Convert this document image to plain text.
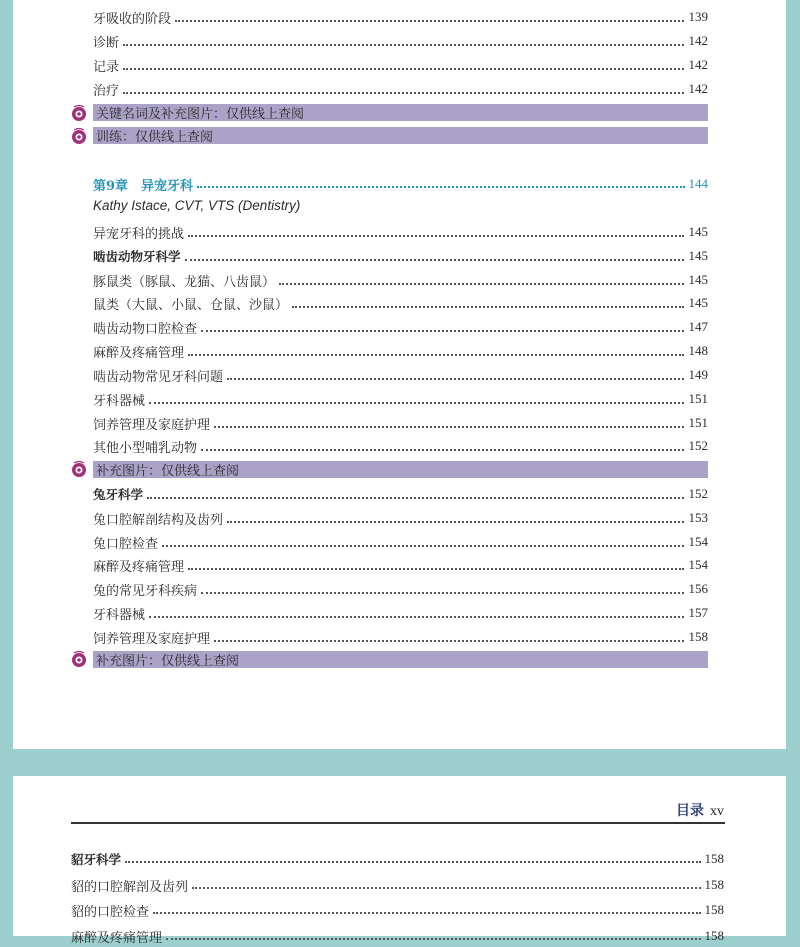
牙吸收的阶段	139
诊断	142
记录	142
治疗	142
关键名词及补充图片：仅供线上查阅
训练：仅供线上查阅
第9章　异宠牙科	144
Kathy Istace, CVT, VTS (Dentistry)
异宠牙科的挑战	145
啮齿动物牙科学	145
豚鼠类（豚鼠、龙猫、八齿鼠）	145
鼠类（大鼠、小鼠、仓鼠、沙鼠）	145
啮齿动物口腔检查	147
麻醉及疼痛管理	148
啮齿动物常见牙科问题	149
牙科器械	151
饲养管理及家庭护理	151
其他小型哺乳动物	152
补充图片：仅供线上查阅
兔牙科学	152
兔口腔解剖结构及齿列	153
兔口腔检查	154
麻醉及疼痛管理	154
兔的常见牙科疾病	156
牙科器械	157
饲养管理及家庭护理	158
补充图片：仅供线上查阅
目录 xv
貂牙科学	158
貂的口腔解剖及齿列	158
貂的口腔检查	158
麻醉及疼痛管理	158
